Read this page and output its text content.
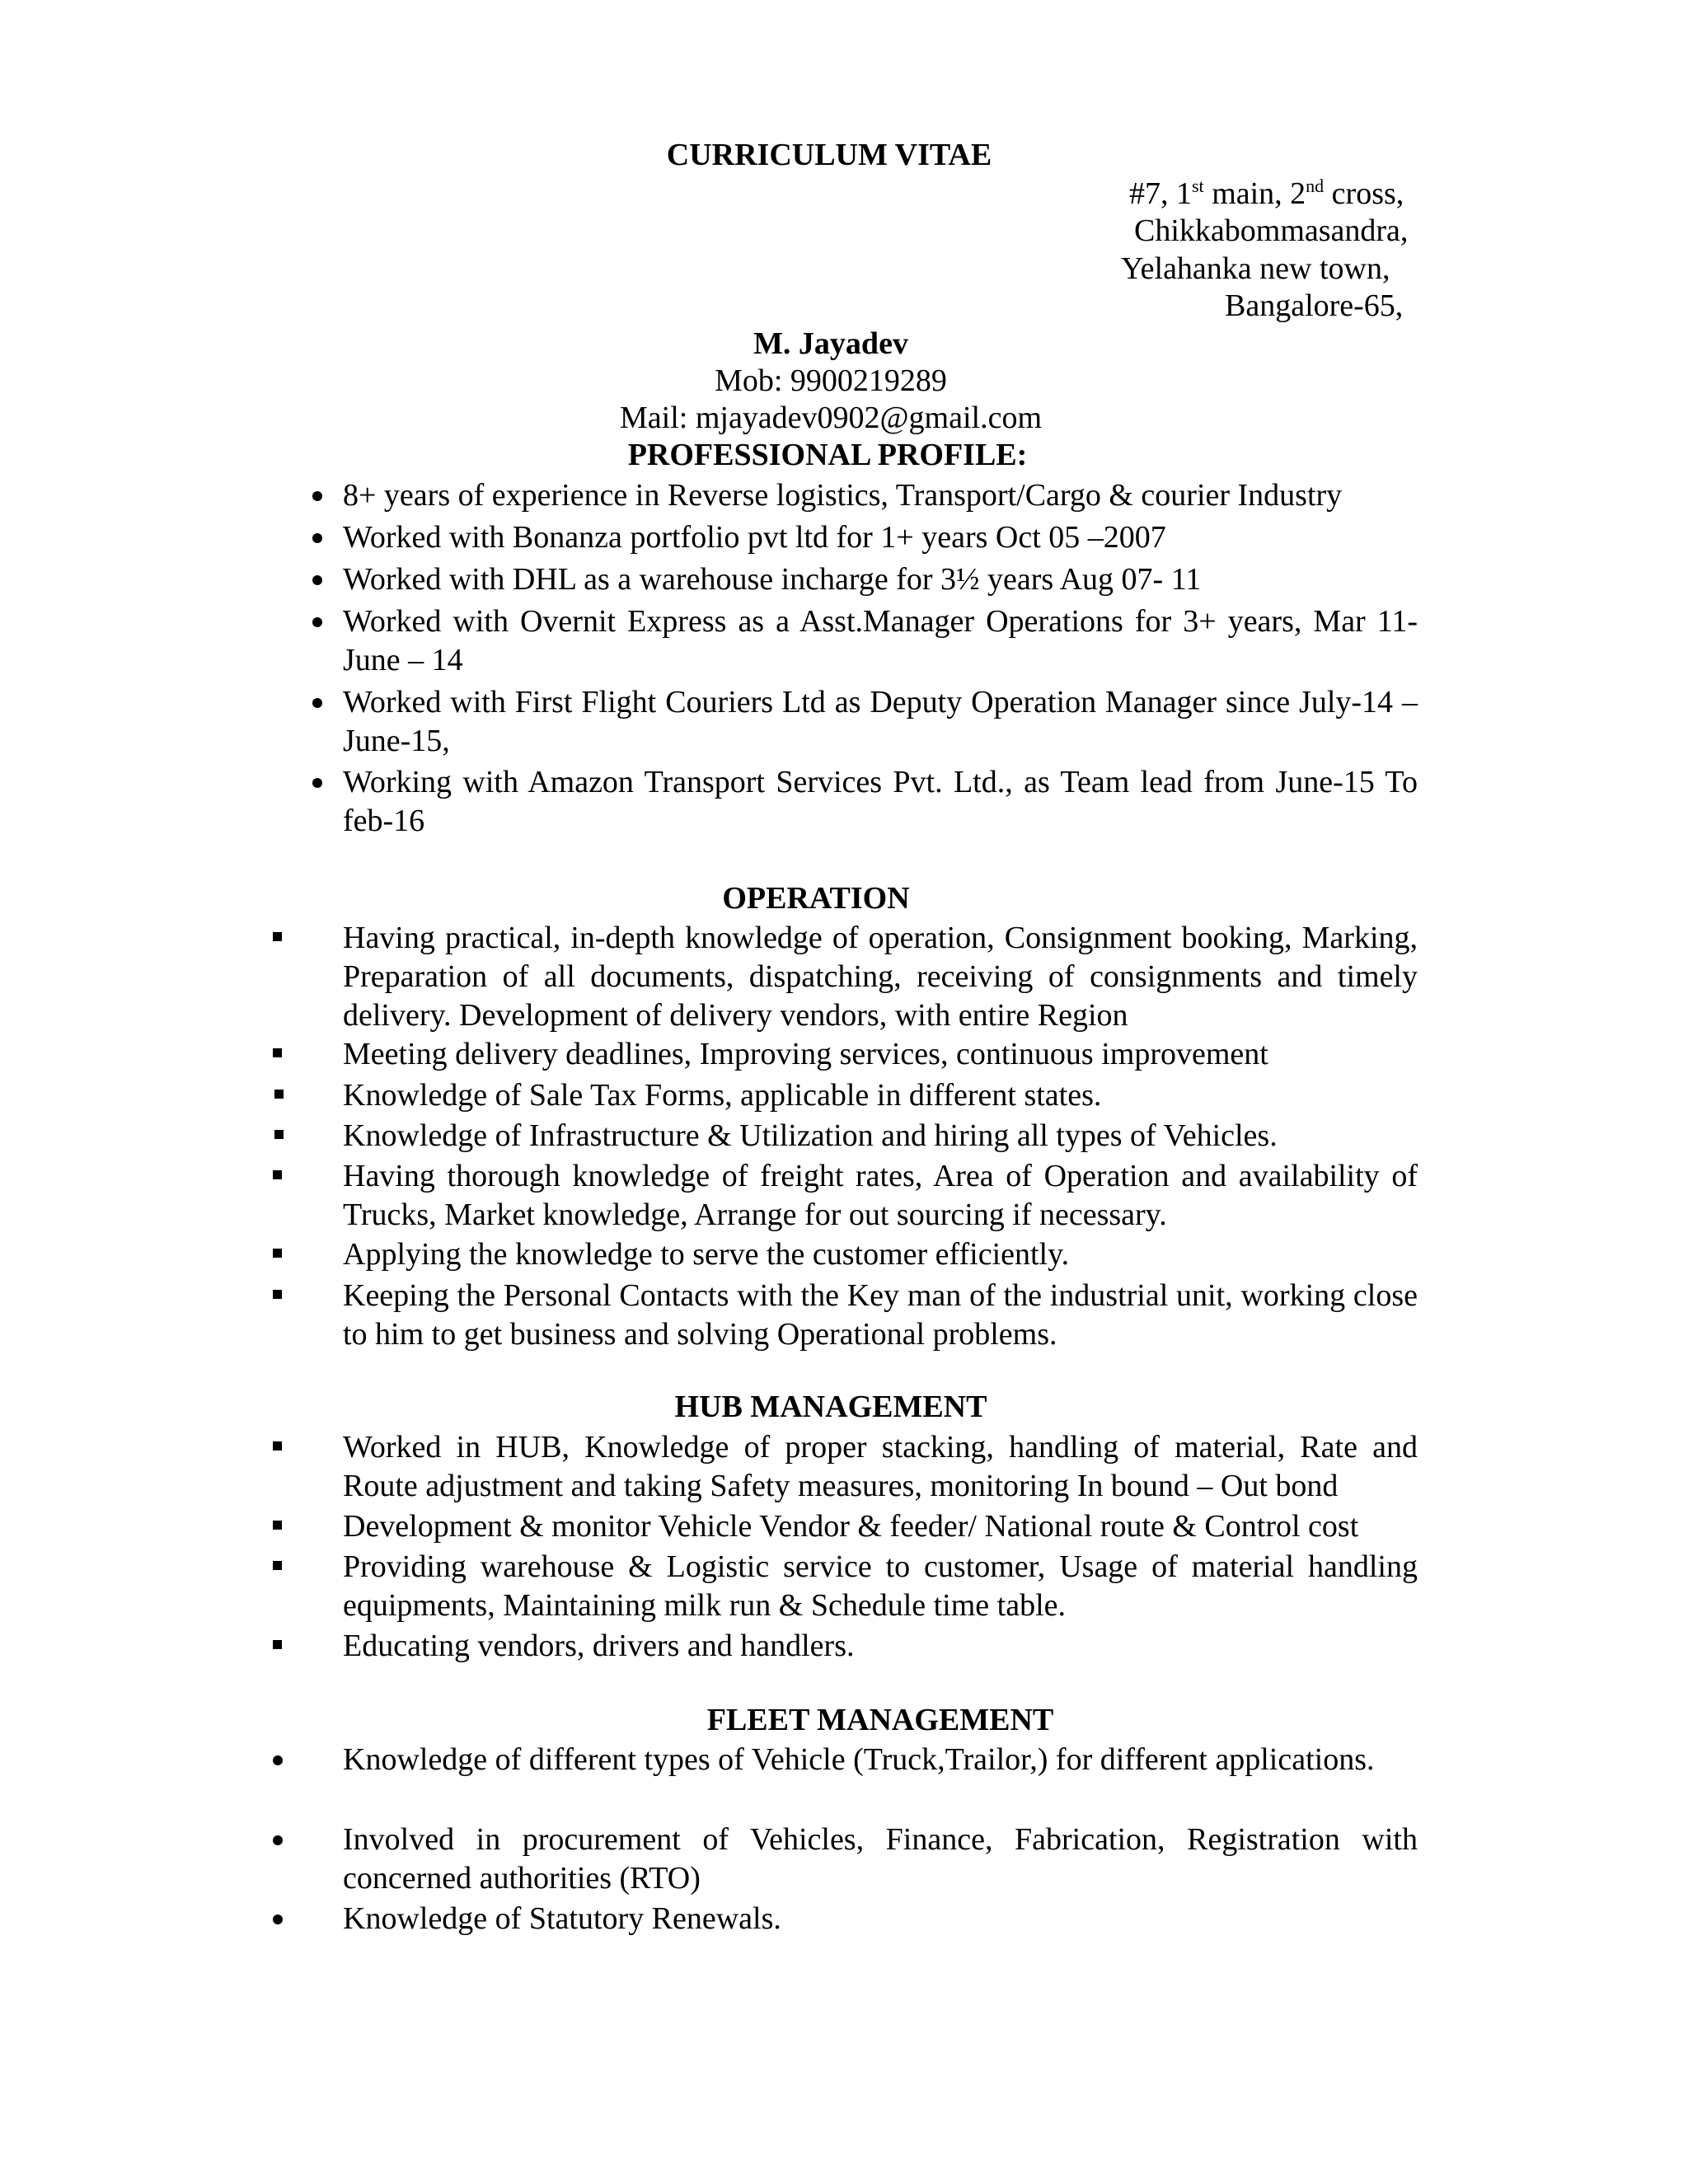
CURRICULUM VITAE
#7, 1st main, 2nd cross,
Chikkabommasandra,
Yelahanka new town,
Bangalore-65,
M. Jayadev
Mob: 9900219289
Mail: mjayadev0902@gmail.com
PROFESSIONAL PROFILE:

8+ years of experience in Reverse logistics, Transport/Cargo & courier Industry

Worked with Bonanza portfolio pvt ltd for 1+ years Oct 05 –2007

Worked with DHL as a warehouse incharge for 3½ years Aug 07- 11

Worked with Overnit Express as a Asst.Manager Operations for 3+ years, Mar 11- June – 14

Worked with First Flight Couriers Ltd as Deputy Operation Manager since July-14 – June-15,

Working with Amazon Transport Services Pvt. Ltd., as Team lead from June-15 To feb-16

OPERATION

Having practical, in-depth knowledge of operation, Consignment booking, Marking, Preparation of all documents, dispatching, receiving of consignments and timely delivery. Development of delivery vendors, with entire Region

Meeting delivery deadlines, Improving services, continuous improvement

Knowledge of Sale Tax Forms, applicable in different states.

Knowledge of Infrastructure & Utilization and hiring all types of Vehicles.

Having thorough knowledge of freight rates, Area of Operation and availability of Trucks, Market knowledge, Arrange for out sourcing if necessary.

Applying the knowledge to serve the customer efficiently.

Keeping the Personal Contacts with the Key man of the industrial unit, working close to him to get business and solving Operational problems.

HUB MANAGEMENT

Worked in HUB, Knowledge of proper stacking, handling of material, Rate and Route adjustment and taking Safety measures, monitoring In bound – Out bond

Development & monitor Vehicle Vendor & feeder/ National route & Control cost

Providing warehouse & Logistic service to customer, Usage of material handling equipments, Maintaining milk run & Schedule time table.

Educating vendors, drivers and handlers.

FLEET MANAGEMENT

Knowledge of different types of Vehicle (Truck,Trailor,) for different applications.

Involved in procurement of Vehicles, Finance, Fabrication, Registration with concerned authorities (RTO)

Knowledge of Statutory Renewals.
